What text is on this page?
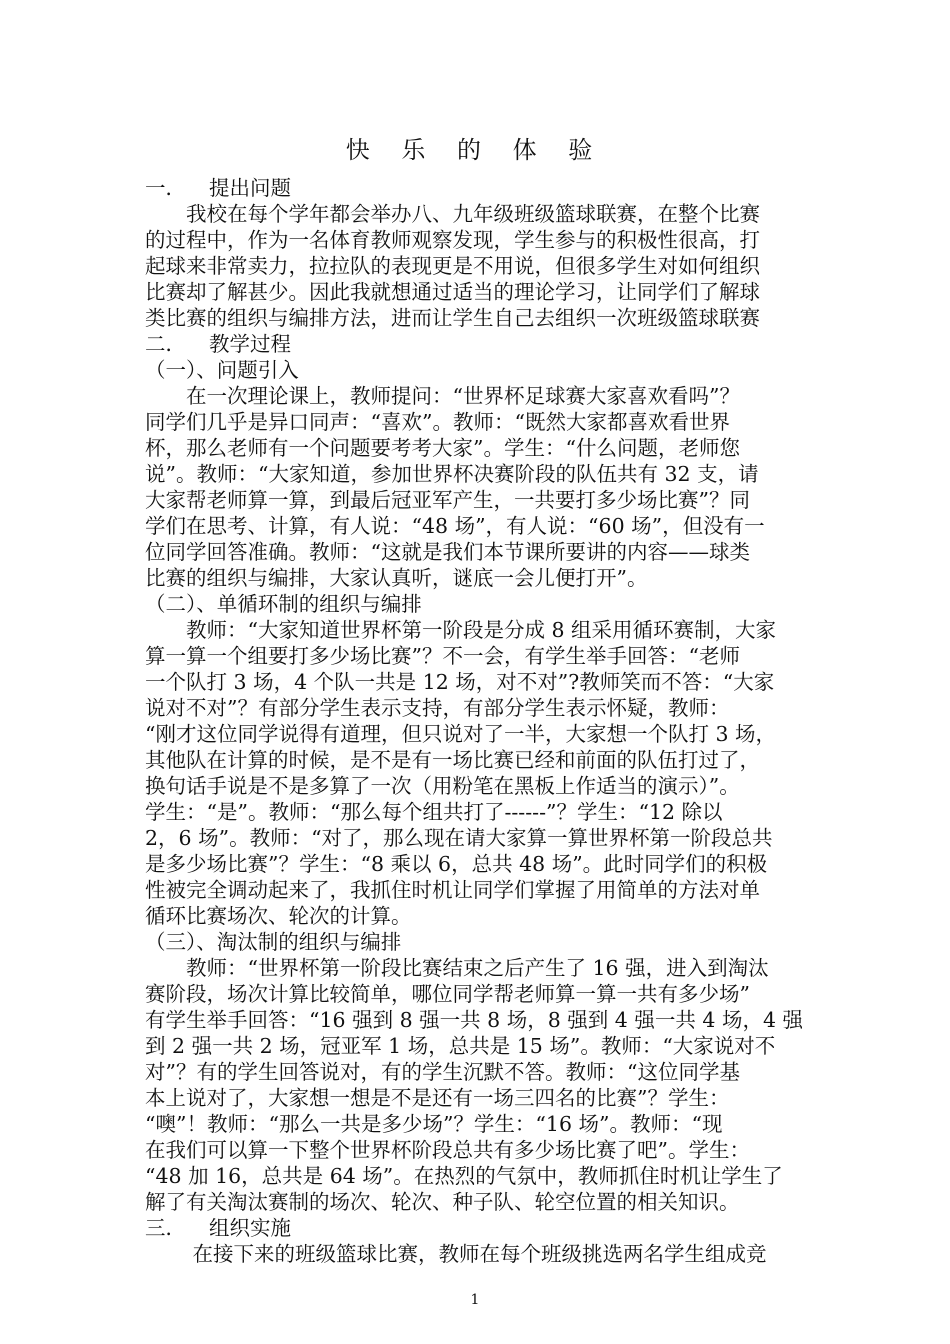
快 乐 的 体 验
一． 提出问题
　　我校在每个学年都会举办八、九年级班级篮球联赛，在整个比赛
的过程中，作为一名体育教师观察发现，学生参与的积极性很高，打
起球来非常卖力，拉拉队的表现更是不用说，但很多学生对如何组织
比赛却了解甚少。因此我就想通过适当的理论学习，让同学们了解球
类比赛的组织与编排方法，进而让学生自己去组织一次班级篮球联赛
二． 教学过程
（一）、问题引入
　　在一次理论课上，教师提问：“世界杯足球赛大家喜欢看吗”？
同学们几乎是异口同声：“喜欢”。教师：“既然大家都喜欢看世界
杯，那么老师有一个问题要考考大家”。学生：“什么问题，老师您
说”。教师：“大家知道，参加世界杯决赛阶段的队伍共有 32 支，请
大家帮老师算一算，到最后冠亚军产生，一共要打多少场比赛”？同
学们在思考、计算，有人说：“48 场”，有人说：“60 场”，但没有一
位同学回答准确。教师：“这就是我们本节课所要讲的内容——球类
比赛的组织与编排，大家认真听，谜底一会儿便打开”。
（二）、单循环制的组织与编排
　　教师：“大家知道世界杯第一阶段是分成 8 组采用循环赛制，大家
算一算一个组要打多少场比赛”？不一会，有学生举手回答：“老师
一个队打 3 场，4 个队一共是 12 场，对不对”?教师笑而不答：“大家
说对不对”？有部分学生表示支持，有部分学生表示怀疑，教师：
“刚才这位同学说得有道理，但只说对了一半，大家想一个队打 3 场，
其他队在计算的时候，是不是有一场比赛已经和前面的队伍打过了，
换句话手说是不是多算了一次（用粉笔在黑板上作适当的演示）”。
学生：“是”。教师：“那么每个组共打了------”？学生：“12 除以
2，6 场”。教师：“对了，那么现在请大家算一算世界杯第一阶段总共
是多少场比赛”？学生：“8 乘以 6，总共 48 场”。此时同学们的积极
性被完全调动起来了，我抓住时机让同学们掌握了用简单的方法对单
循环比赛场次、轮次的计算。
（三）、淘汰制的组织与编排
　　教师：“世界杯第一阶段比赛结束之后产生了 16 强，进入到淘汰
赛阶段，场次计算比较简单，哪位同学帮老师算一算一共有多少场”
有学生举手回答：“16 强到 8 强一共 8 场，8 强到 4 强一共 4 场，4 强
到 2 强一共 2 场，冠亚军 1 场，总共是 15 场”。教师：“大家说对不
对”？有的学生回答说对，有的学生沉默不答。教师：“这位同学基
本上说对了，大家想一想是不是还有一场三四名的比赛”？学生：
“噢”！教师：“那么一共是多少场”？学生：“16 场”。教师：“现
在我们可以算一下整个世界杯阶段总共有多少场比赛了吧”。学生：
“48 加 16，总共是 64 场”。在热烈的气氛中，教师抓住时机让学生了
解了有关淘汰赛制的场次、轮次、种子队、轮空位置的相关知识。
三． 组织实施
　　 在接下来的班级篮球比赛，教师在每个班级挑选两名学生组成竞
1
